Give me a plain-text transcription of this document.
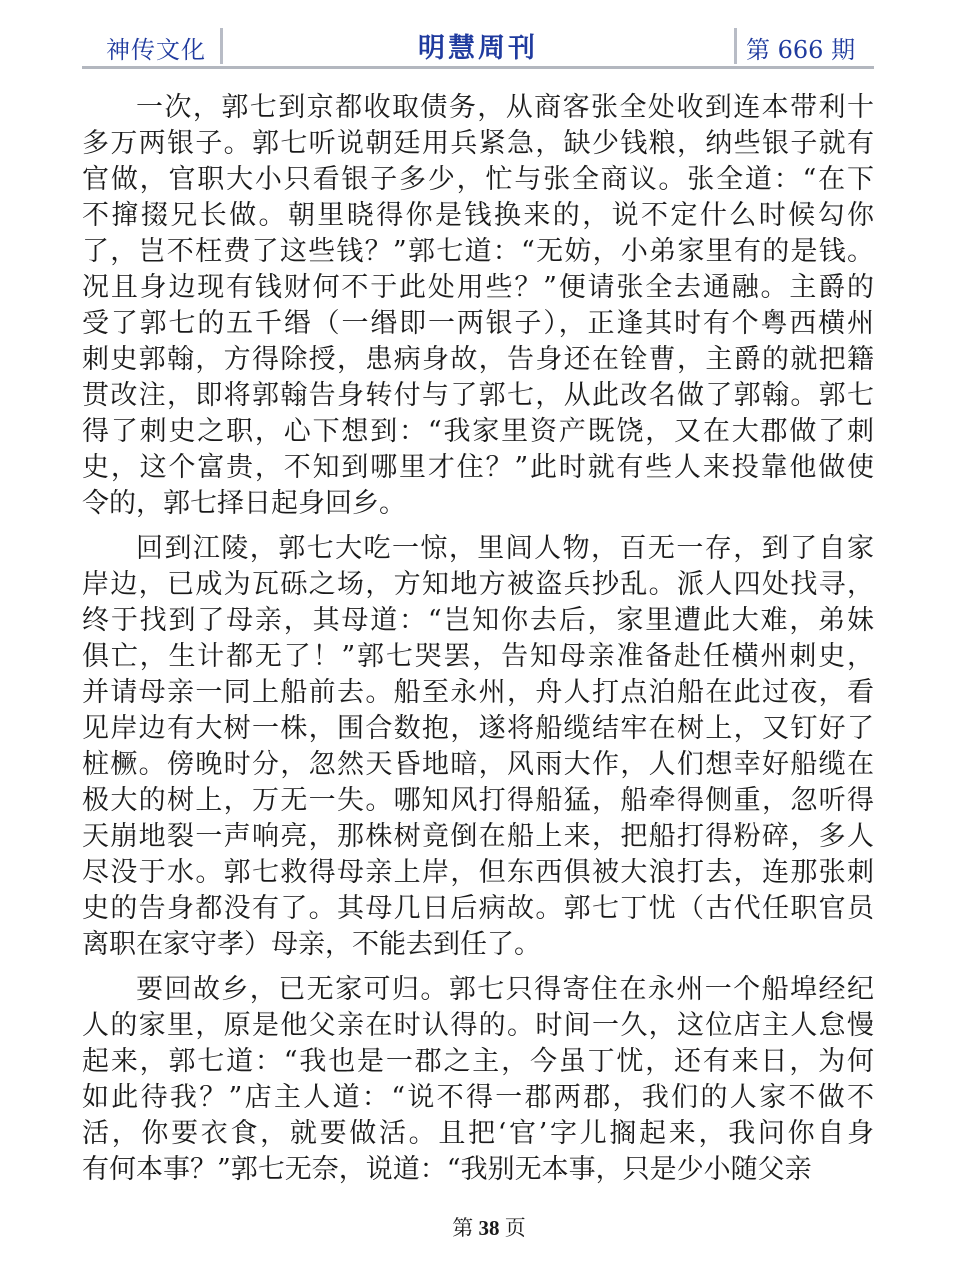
神传文化	明慧周刊	第 666 期

一次，郭七到京都收取债务，从商客张全处收到连本带利十
多万两银子。郭七听说朝廷用兵紧急，缺少钱粮，纳些银子就有
官做，官职大小只看银子多少，忙与张全商议。张全道：“在下
不撺掇兄长做。朝里晓得你是钱换来的，说不定什么时候勾你
了，岂不枉费了这些钱？”郭七道：“无妨，小弟家里有的是钱。
况且身边现有钱财何不于此处用些？”便请张全去通融。主爵的
受了郭七的五千缗（一缗即一两银子），正逢其时有个粤西横州
刺史郭翰，方得除授，患病身故，告身还在铨曹，主爵的就把籍
贯改注，即将郭翰告身转付与了郭七，从此改名做了郭翰。郭七
得了刺史之职，心下想到：“我家里资产既饶，又在大郡做了刺
史，这个富贵，不知到哪里才住？”此时就有些人来投靠他做使
令的，郭七择日起身回乡。

回到江陵，郭七大吃一惊，里闾人物，百无一存，到了自家
岸边，已成为瓦砾之场，方知地方被盗兵抄乱。派人四处找寻，
终于找到了母亲，其母道：“岂知你去后，家里遭此大难，弟妹
俱亡，生计都无了！”郭七哭罢，告知母亲准备赴任横州刺史，
并请母亲一同上船前去。船至永州，舟人打点泊船在此过夜，看
见岸边有大树一株，围合数抱，遂将船缆结牢在树上，又钉好了
桩橛。傍晚时分，忽然天昏地暗，风雨大作，人们想幸好船缆在
极大的树上，万无一失。哪知风打得船猛，船牵得侧重，忽听得
天崩地裂一声响亮，那株树竟倒在船上来，把船打得粉碎，多人
尽没于水。郭七救得母亲上岸，但东西俱被大浪打去，连那张刺
史的告身都没有了。其母几日后病故。郭七丁忧（古代任职官员
离职在家守孝）母亲，不能去到任了。

要回故乡，已无家可归。郭七只得寄住在永州一个船埠经纪
人的家里，原是他父亲在时认得的。时间一久，这位店主人怠慢
起来，郭七道：“我也是一郡之主，今虽丁忧，还有来日，为何
如此待我？”店主人道：“说不得一郡两郡，我们的人家不做不
活，你要衣食，就要做活。且把‘官’字儿搁起来，我问你自身
有何本事？”郭七无奈，说道：“我别无本事，只是少小随父亲

第 38 页
